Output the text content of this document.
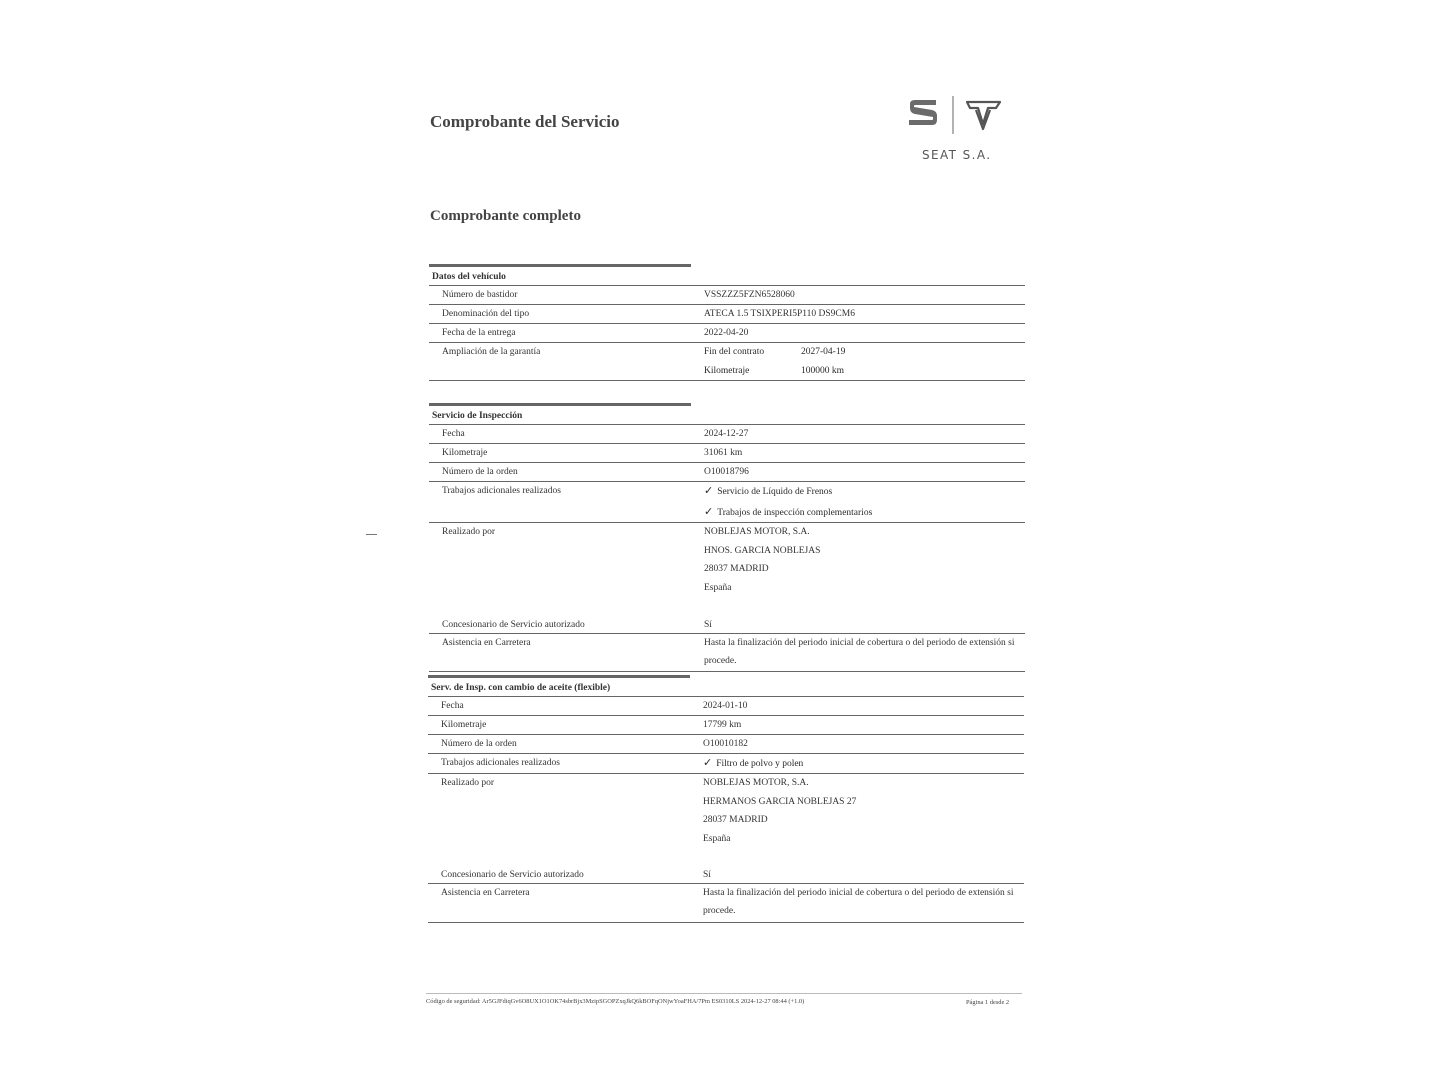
Comprobante del Servicio
Comprobante completo
SEAT S.A.
Datos del vehículo
Número de bastidor	VSSZZZ5FZN6528060
Denominación del tipo	ATECA 1.5 TSIXPERI5P110 DS9CM6
Fecha de la entrega	2022-04-20
Ampliación de la garantía	Fin del contrato	2027-04-19
Kilometraje	100000 km
Servicio de Inspección
Fecha	2024-12-27
Kilometraje	31061 km
Número de la orden	O10018796
Trabajos adicionales realizados	✓ Servicio de Líquido de Frenos
✓ Trabajos de inspección complementarios
Realizado por	NOBLEJAS MOTOR, S.A.
HNOS. GARCIA NOBLEJAS
28037 MADRID
España
Concesionario de Servicio autorizado	Sí
Asistencia en Carretera	Hasta la finalización del periodo inicial de cobertura o del periodo de extensión si procede.
Serv. de Insp. con cambio de aceite (flexible)
Fecha	2024-01-10
Kilometraje	17799 km
Número de la orden	O10010182
Trabajos adicionales realizados	✓ Filtro de polvo y polen
Realizado por	NOBLEJAS MOTOR, S.A.
HERMANOS GARCIA NOBLEJAS 27
28037 MADRID
España
Concesionario de Servicio autorizado	Sí
Asistencia en Carretera	Hasta la finalización del periodo inicial de cobertura o del periodo de extensión si procede.
Código de seguridad: Ar5GJFdiqGv6O8UX1O1OK74sbrBjx3MzipSGOPZxqJkQ6kBOFqONjwYoaFHA/7Pm ES0310LS 2024-12-27 08:44 (+1.0)	Página 1 desde 2
